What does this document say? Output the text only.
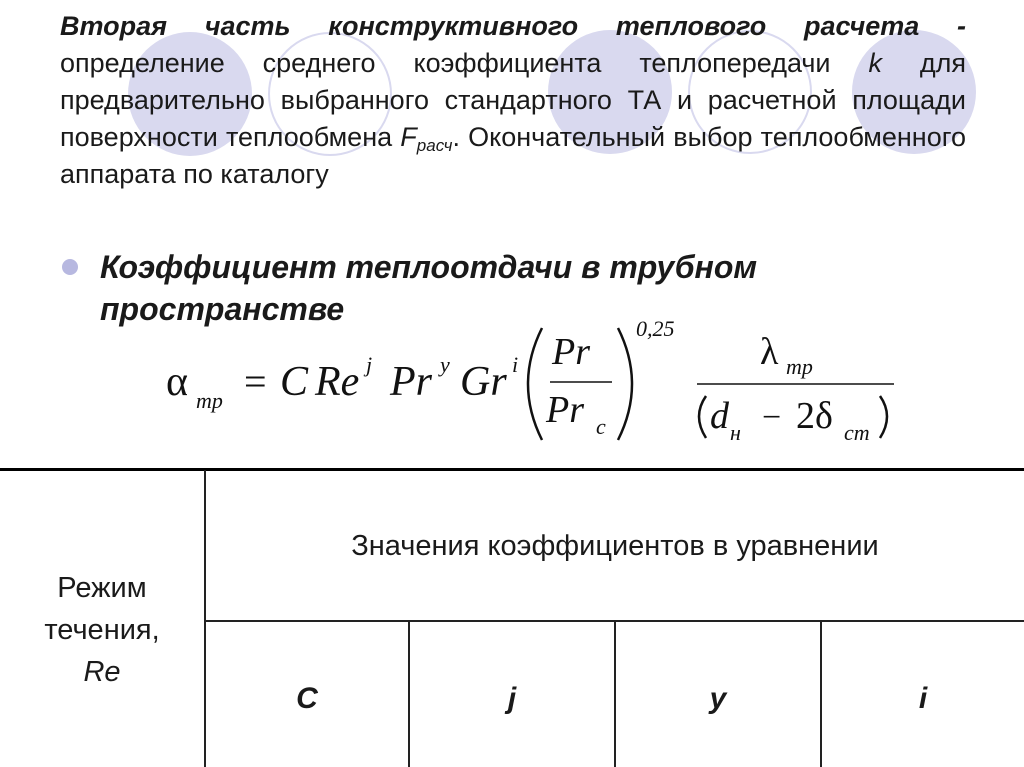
Вторая часть конструктивного теплового расчета - определение среднего коэффициента теплопередачи k для предварительно выбранного стандартного ТА и расчетной площади поверхности теплообмена $F_{расч}$. Окончательный выбор теплообменного аппарата по каталогу
Коэффициент теплоотдачи в трубном пространстве
α тр = C Re j Pr y Gr i Pr
Pr c
0,25
λ тр
d н − 2δ ст
Режим
течения,
Re
Значения коэффициентов в уравнении
C	j	y	i
